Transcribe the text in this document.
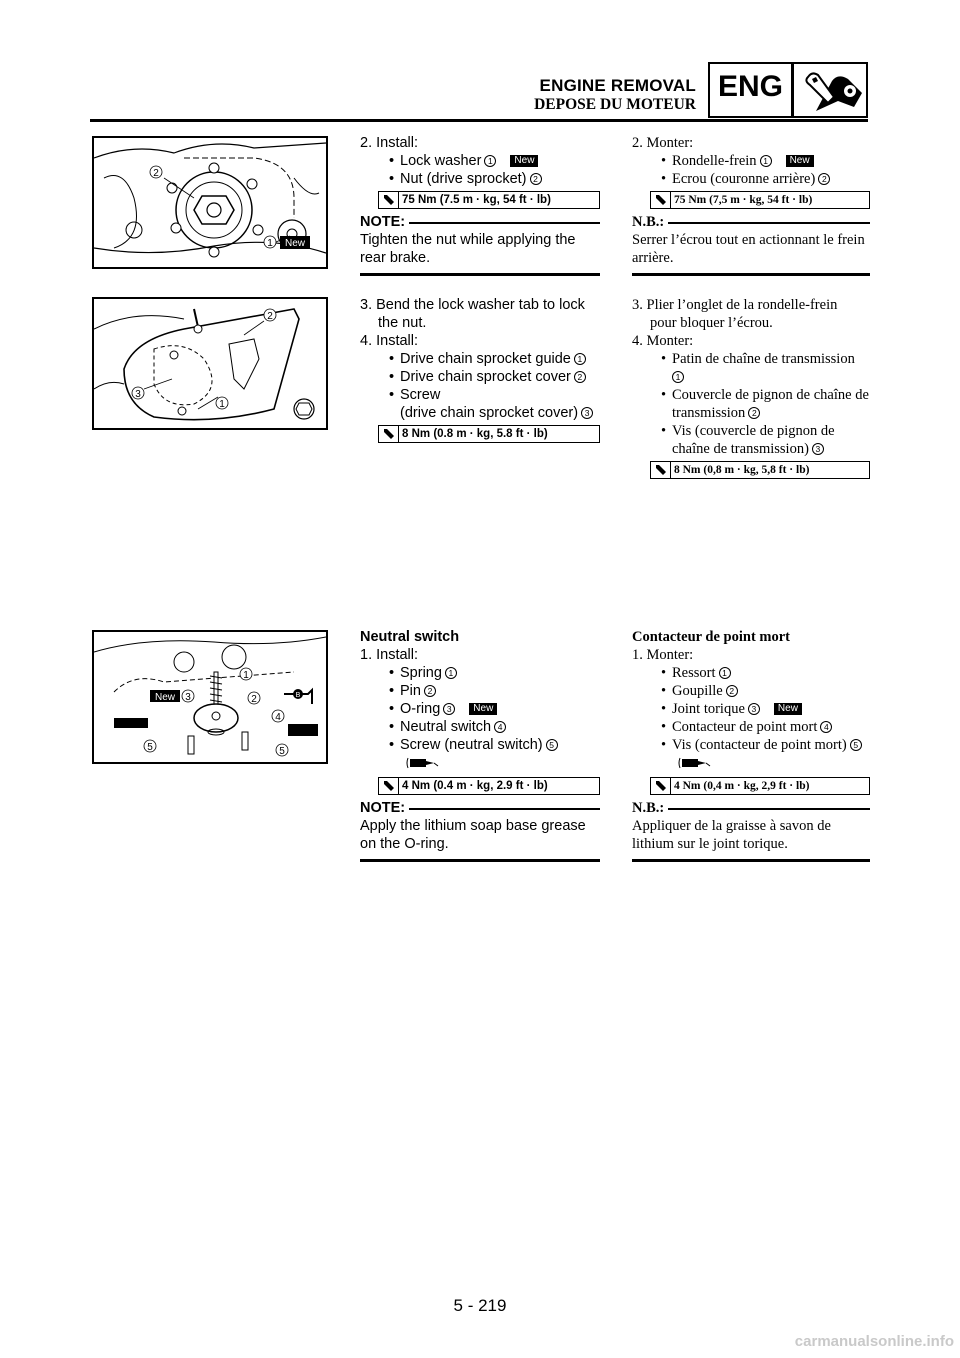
ENGINE REMOVAL
DEPOSE DU MOTEUR
ENG
2
1 New
2
3
1
New 3
1
2
4
5	5
B
2. Install:
• Lock washer 1 New
• Nut (drive sprocket) 2
75 Nm (7.5 m · kg, 54 ft · lb)
NOTE:
Tighten the nut while applying the
rear brake.
2. Monter:
• Rondelle-frein 1 New
• Ecrou (couronne arrière) 2
75 Nm (7,5 m · kg, 54 ft · lb)
N.B.:
Serrer l’écrou tout en actionnant le frein
arrière.
3. Bend the lock washer tab to lock
the nut.
4. Install:
• Drive chain sprocket guide 1
• Drive chain sprocket cover 2
• Screw
(drive chain sprocket cover) 3
8 Nm (0.8 m · kg, 5.8 ft · lb)
3. Plier l’onglet de la rondelle-frein
pour bloquer l’écrou.
4. Monter:
• Patin de chaîne de transmission
1
• Couvercle de pignon de chaîne de
transmission 2
• Vis (couvercle de pignon de
chaîne de transmission) 3
8 Nm (0,8 m · kg, 5,8 ft · lb)
Neutral switch
1. Install:
• Spring 1
• Pin 2
• O-ring 3 New
• Neutral switch 4
• Screw (neutral switch) 5
4 Nm (0.4 m · kg, 2.9 ft · lb)
NOTE:
Apply the lithium soap base grease
on the O-ring.
Contacteur de point mort
1. Monter:
• Ressort 1
• Goupille 2
• Joint torique 3 New
• Contacteur de point mort 4
• Vis (contacteur de point mort) 5
4 Nm (0,4 m · kg, 2,9 ft · lb)
N.B.:
Appliquer de la graisse à savon de
lithium sur le joint torique.
5 - 219
carmanualsonline.info
